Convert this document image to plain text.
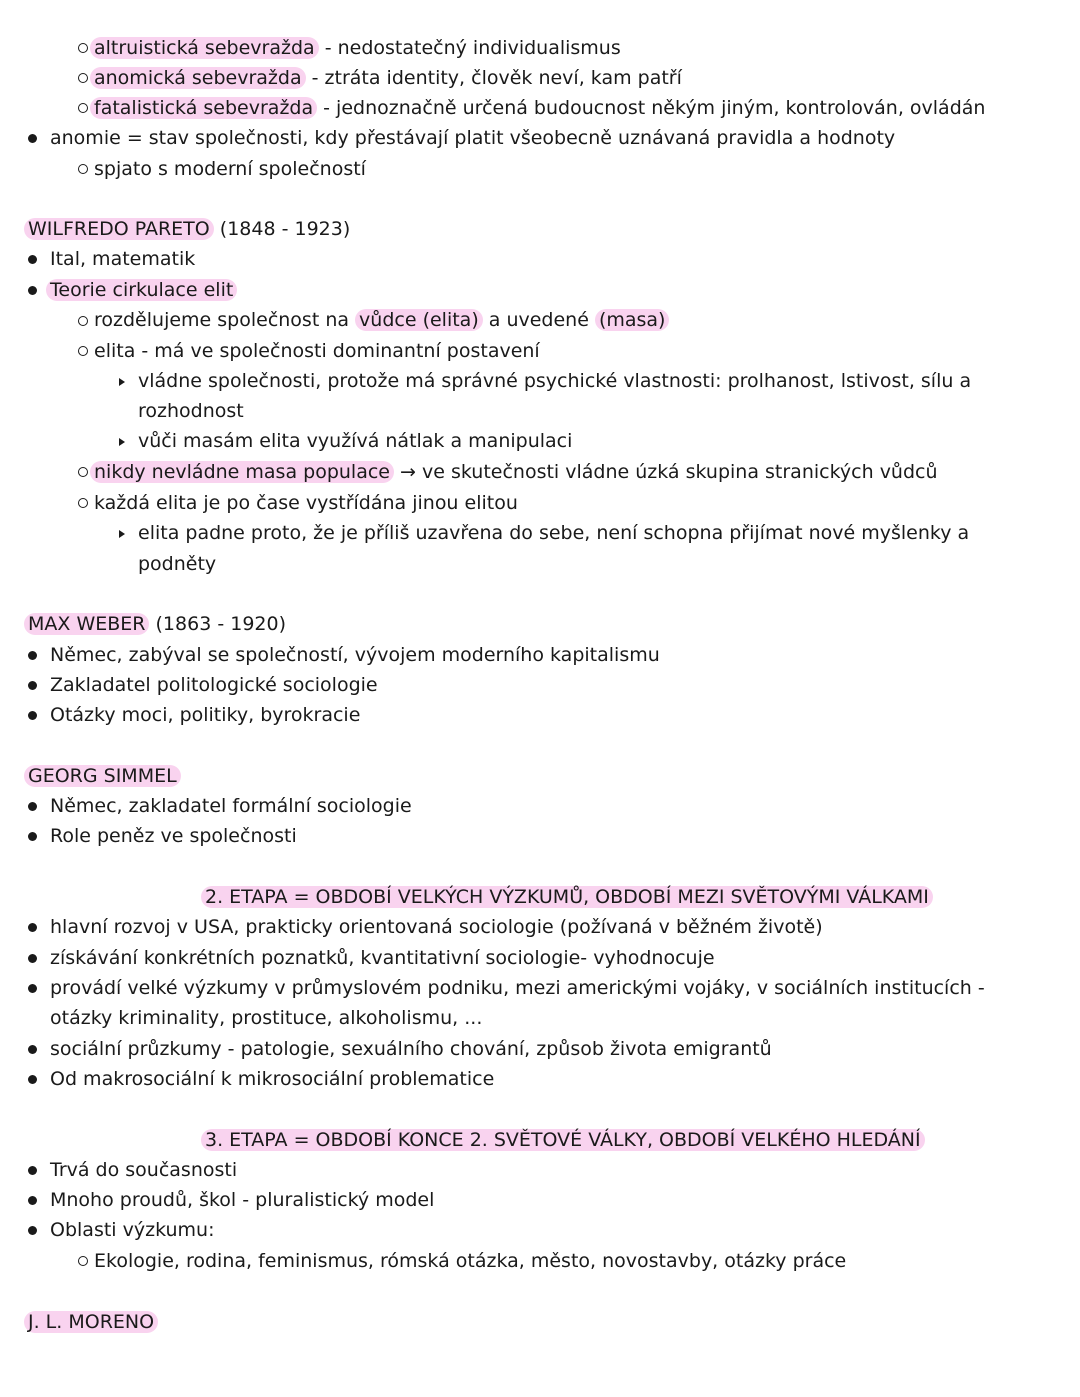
altruistická sebevražda - nedostatečný individualismus
anomická sebevražda - ztráta identity, člověk neví, kam patří
fatalistická sebevražda - jednoznačně určená budoucnost někým jiným, kontrolován, ovládán
anomie = stav společnosti, kdy přestávají platit všeobecně uznávaná pravidla a hodnoty
spjato s moderní společností
WILFREDO PARETO (1848 - 1923)
Ital, matematik
Teorie cirkulace elit
rozdělujeme společnost na vůdce (elita) a uvedené (masa)
elita - má ve společnosti dominantní postavení
vládne společnosti, protože má správné psychické vlastnosti: prolhanost, lstivost, sílu a
rozhodnost
vůči masám elita využívá nátlak a manipulaci
nikdy nevládne masa populace → ve skutečnosti vládne úzká skupina stranických vůdců
každá elita je po čase vystřídána jinou elitou
elita padne proto, že je příliš uzavřena do sebe, není schopna přijímat nové myšlenky a
podněty
MAX WEBER (1863 - 1920)
Němec, zabýval se společností, vývojem moderního kapitalismu
Zakladatel politologické sociologie
Otázky moci, politiky, byrokracie
GEORG SIMMEL
Němec, zakladatel formální sociologie
Role peněz ve společnosti
2. ETAPA = OBDOBÍ VELKÝCH VÝZKUMŮ, OBDOBÍ MEZI SVĚTOVÝMI VÁLKAMI
hlavní rozvoj v USA, prakticky orientovaná sociologie (požívaná v běžném životě)
získávání konkrétních poznatků, kvantitativní sociologie- vyhodnocuje
provádí velké výzkumy v průmyslovém podniku, mezi americkými vojáky, v sociálních institucích -
otázky kriminality, prostituce, alkoholismu, ...
sociální průzkumy - patologie, sexuálního chování, způsob života emigrantů
Od makrosociální k mikrosociální problematice
3. ETAPA = OBDOBÍ KONCE 2. SVĚTOVÉ VÁLKY, OBDOBÍ VELKÉHO HLEDÁNÍ
Trvá do současnosti
Mnoho proudů, škol - pluralistický model
Oblasti výzkumu:
Ekologie, rodina, feminismus, rómská otázka, město, novostavby, otázky práce
J. L. MORENO
